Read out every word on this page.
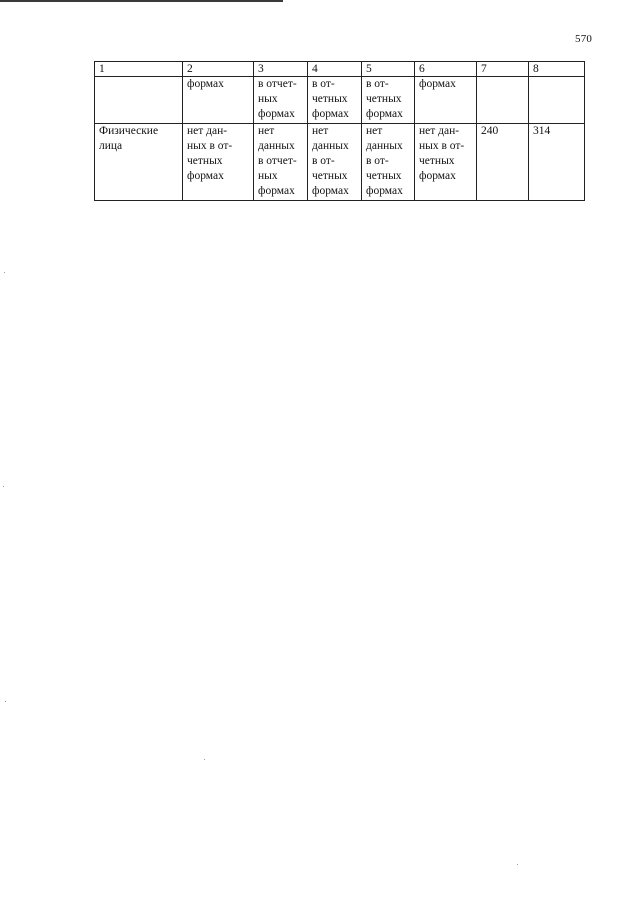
570
1	2	3	4	5	6	7	8

	формах	в отчет-
ных
формах	в от-
четных
формах	в от-
четных
формах	формах		

Физические
лица	нет дан-
ных в от-
четных
формах	нет
данных
в отчет-
ных
формах	нет
данных
в от-
четных
формах	нет
данных
в от-
четных
формах	нет дан-
ных в от-
четных
формах	240	314
